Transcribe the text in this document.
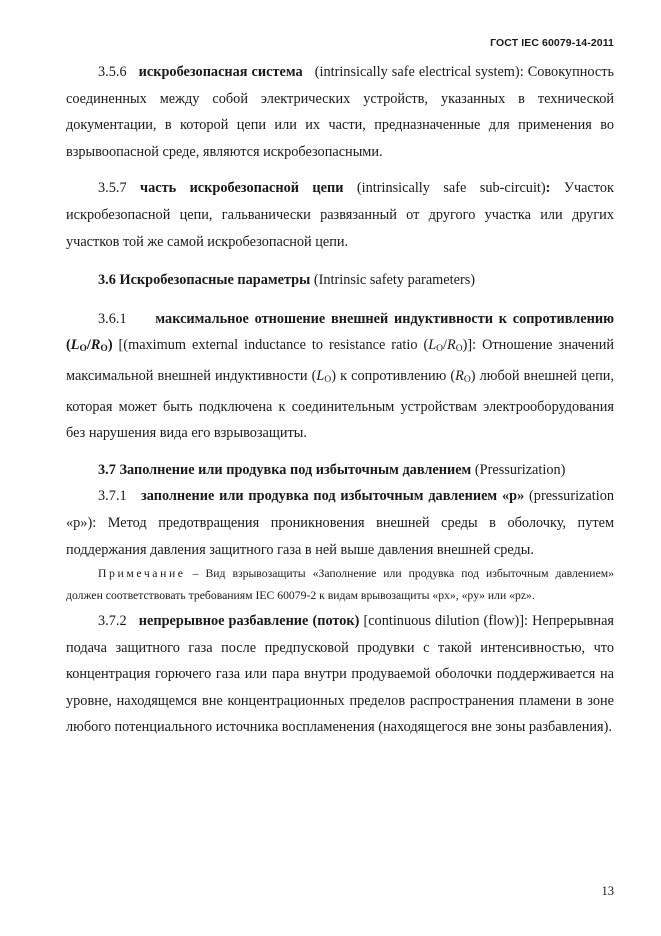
ГОСТ IEC 60079-14-2011

3.5.6 искробезопасная система (intrinsically safe electrical system): Совокупность соединенных между собой электрических устройств, указанных в технической документации, в которой цепи или их части, предназначенные для применения во взрывоопасной среде, являются искробезопасными.

3.5.7 часть искробезопасной цепи (intrinsically safe sub-circuit): Участок искробезопасной цепи, гальванически развязанный от другого участка или других участков той же самой искробезопасной цепи.

3.6 Искробезопасные параметры (Intrinsic safety parameters)

3.6.1 максимальное отношение внешней индуктивности к сопротивлению $(L_O/R_O)$ [(maximum external inductance to resistance ratio $(L_O/R_O)$]: Отношение значений максимальной внешней индуктивности $(L_O)$ к сопротивлению $(R_O)$ любой внешней цепи, которая может быть подключена к соединительным устройствам электрооборудования без нарушения вида его взрывозащиты.

3.7 Заполнение или продувка под избыточным давлением (Pressurization)

3.7.1 заполнение или продувка под избыточным давлением «р» (pressurization «р»): Метод предотвращения проникновения внешней среды в оболочку, путем поддержания давления защитного газа в ней выше давления внешней среды.

Примечание – Вид взрывозащиты «Заполнение или продувка под избыточным давлением» должен соответствовать требованиям IEC 60079-2 к видам врывозащиты «px», «py» или «pz».

3.7.2 непрерывное разбавление (поток) [continuous dilution (flow)]: Непрерывная подача защитного газа после предпусковой продувки с такой интенсивностью, что концентрация горючего газа или пара внутри продуваемой оболочки поддерживается на уровне, находящемся вне концентрационных пределов распространения пламени в зоне любого потенциального источника воспламенения (находящегося вне зоны разбавления).

13
